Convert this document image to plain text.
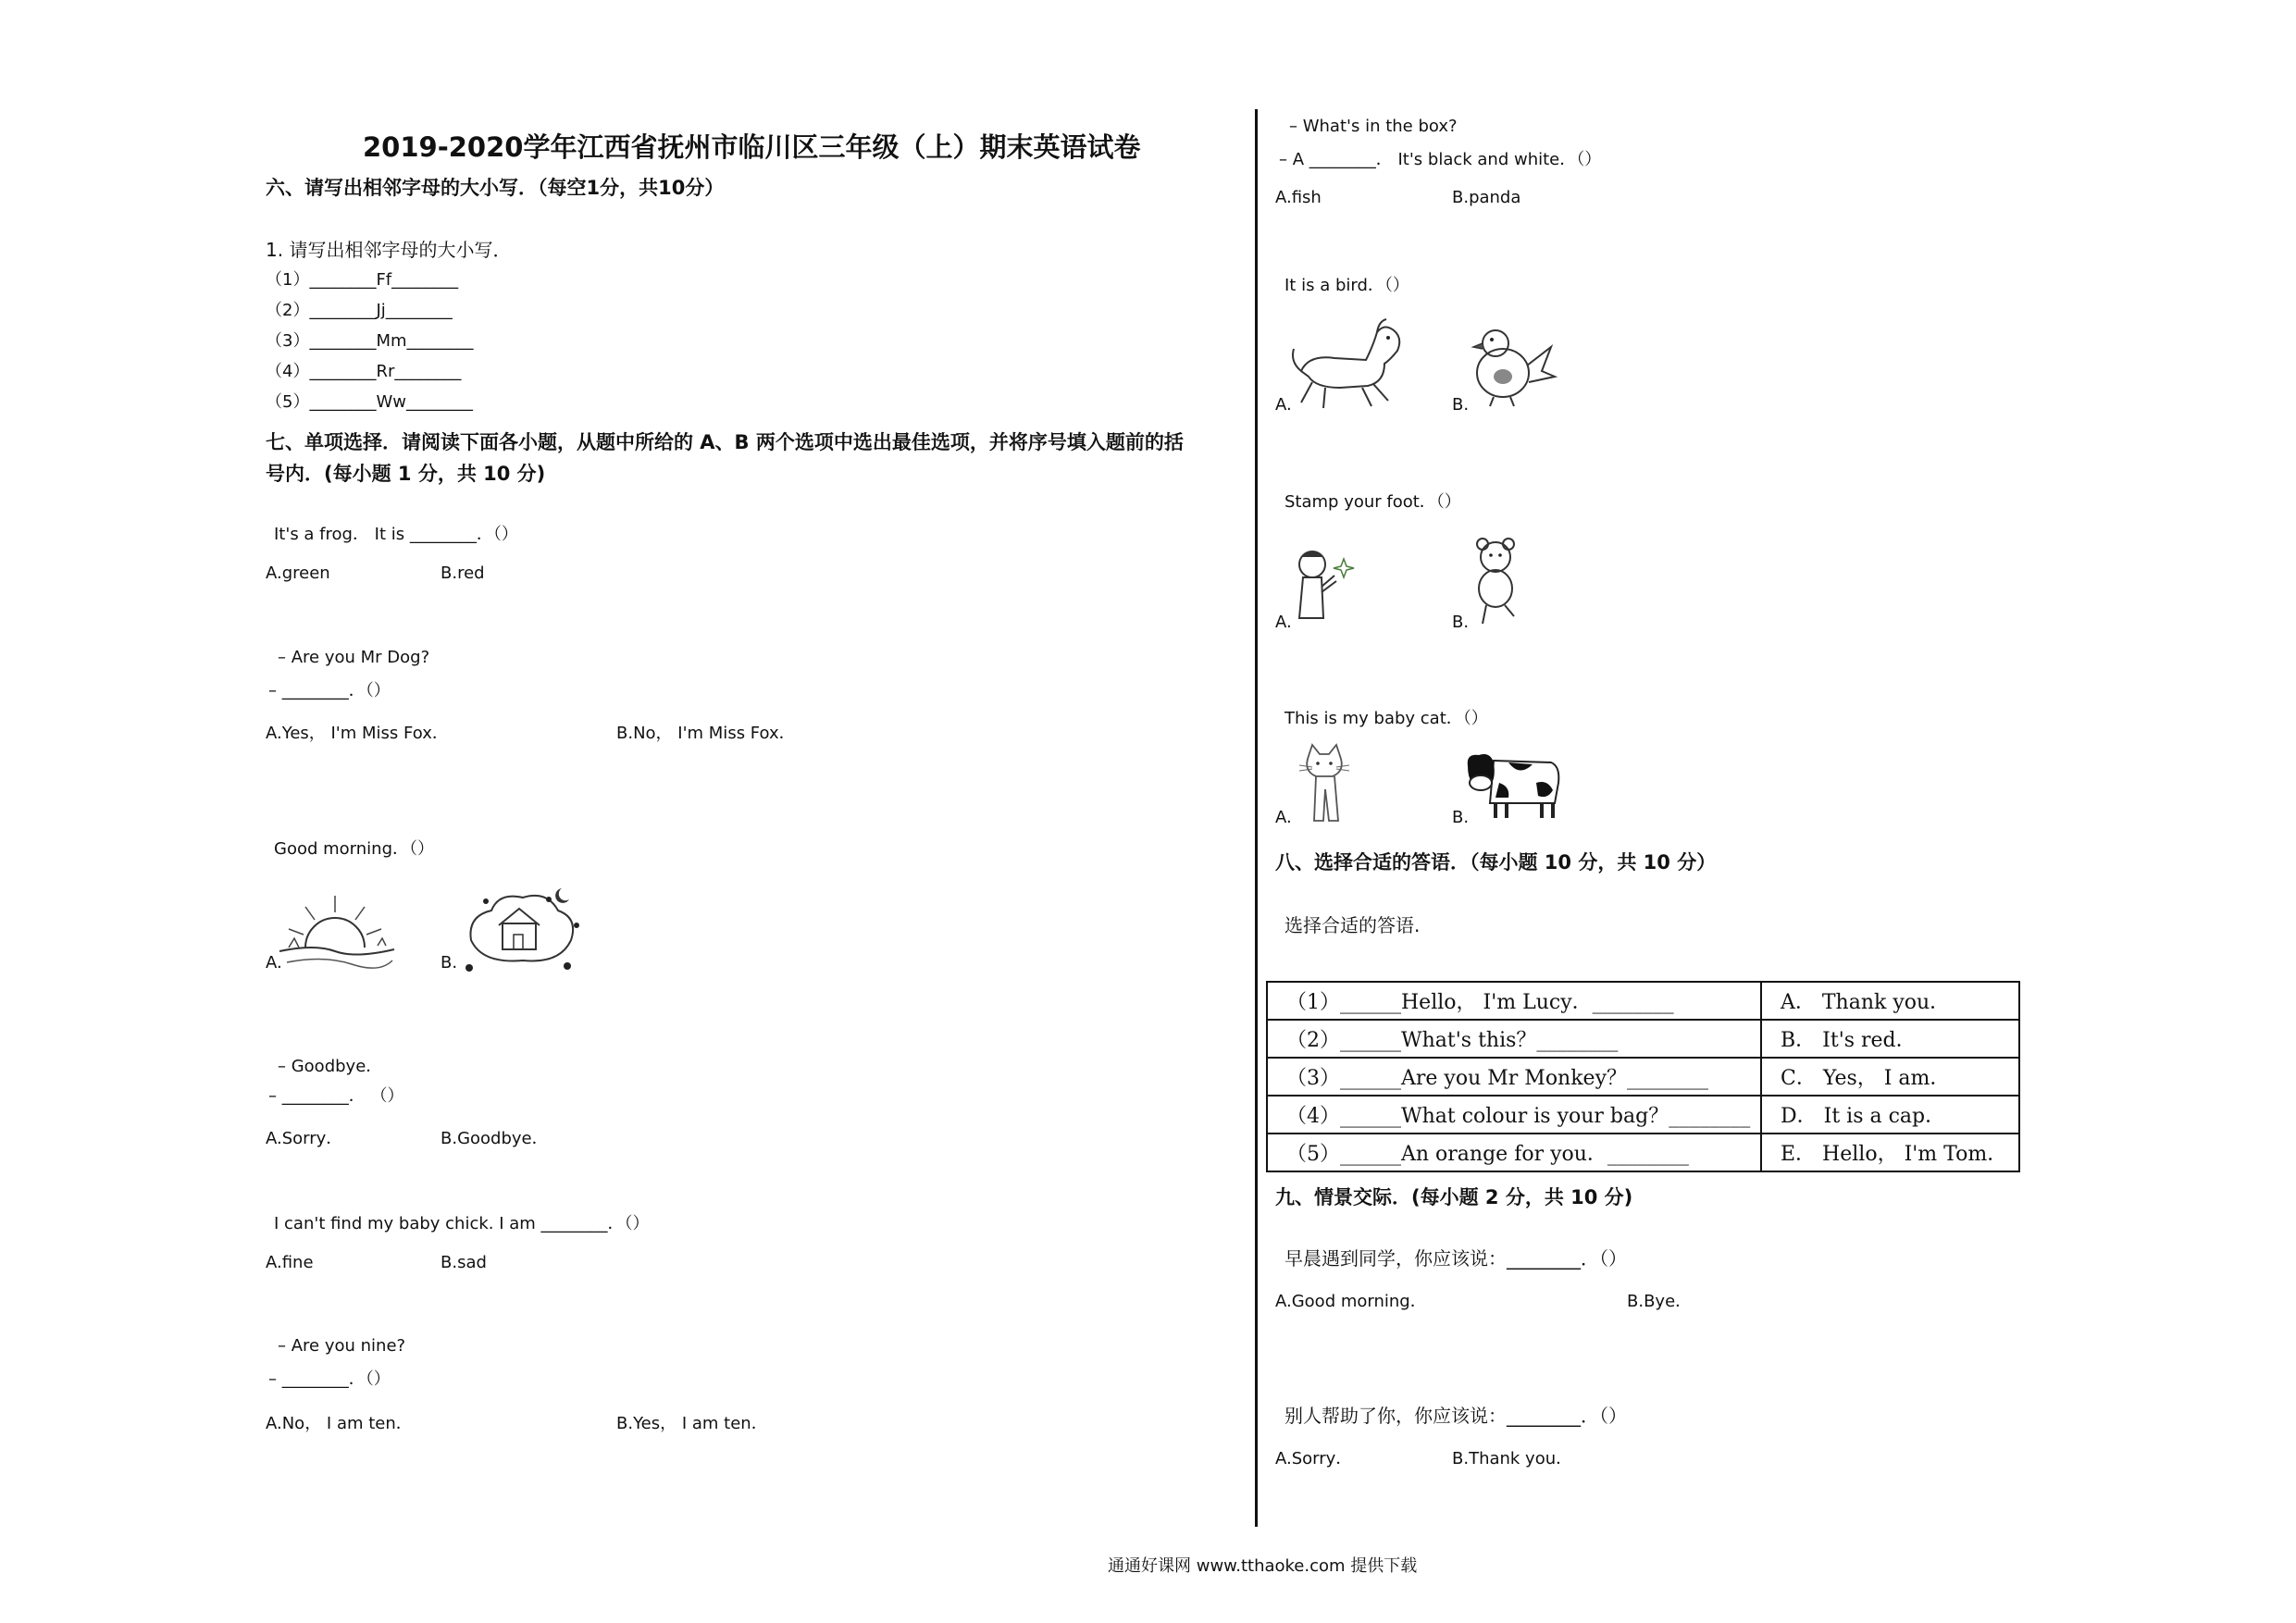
2019-2020学年江西省抚州市临川区三年级（上）期末英语试卷
六、请写出相邻字母的大小写．（每空1分，共10分）
1. 请写出相邻字母的大小写．
（1）________Ff________
（2）________Jj________
（3）________Mm________
（4）________Rr________
（5）________Ww________
七、单项选择．请阅读下面各小题，从题中所给的 A、B 两个选项中选出最佳选项，并将序号填入题前的括
号内．(每小题 1 分，共 10 分)
It's a frog． It is ________．（）
A.green	B.red
– Are you Mr Dog?
– ________．（）
A.Yes， I'm Miss Fox．	B.No， I'm Miss Fox．
Good morning．（）
A.	B.
– Goodbye．
– ________． （）
A.Sorry．	B.Goodbye．
I can't find my baby chick. I am ________．（）
A.fine	B.sad
– Are you nine?
– ________．（）
A.No， I am ten．	B.Yes， I am ten．
– What's in the box?
– A ________． It's black and white．（）
A.fish	B.panda
It is a bird．（）
A.	B.
Stamp your foot．（）
A.	B.
This is my baby cat．（）
A.	B.
八、选择合适的答语．（每小题 10 分，共 10 分）
选择合适的答语.
（1）______Hello， I'm Lucy．________	A． Thank you．
（2）______What's this？________	B． It's red．
（3）______Are you Mr Monkey？________	C． Yes， I am．
（4）______What colour is your bag？________	D． It is a cap．
（5）______An orange for you．________	E． Hello， I'm Tom．
九、情景交际．(每小题 2 分，共 10 分)
早晨遇到同学，你应该说：________．（）
A.Good morning．	B.Bye．
别人帮助了你，你应该说：________．（）
A.Sorry．	B.Thank you．
通通好课网 www.tthaoke.com 提供下载
